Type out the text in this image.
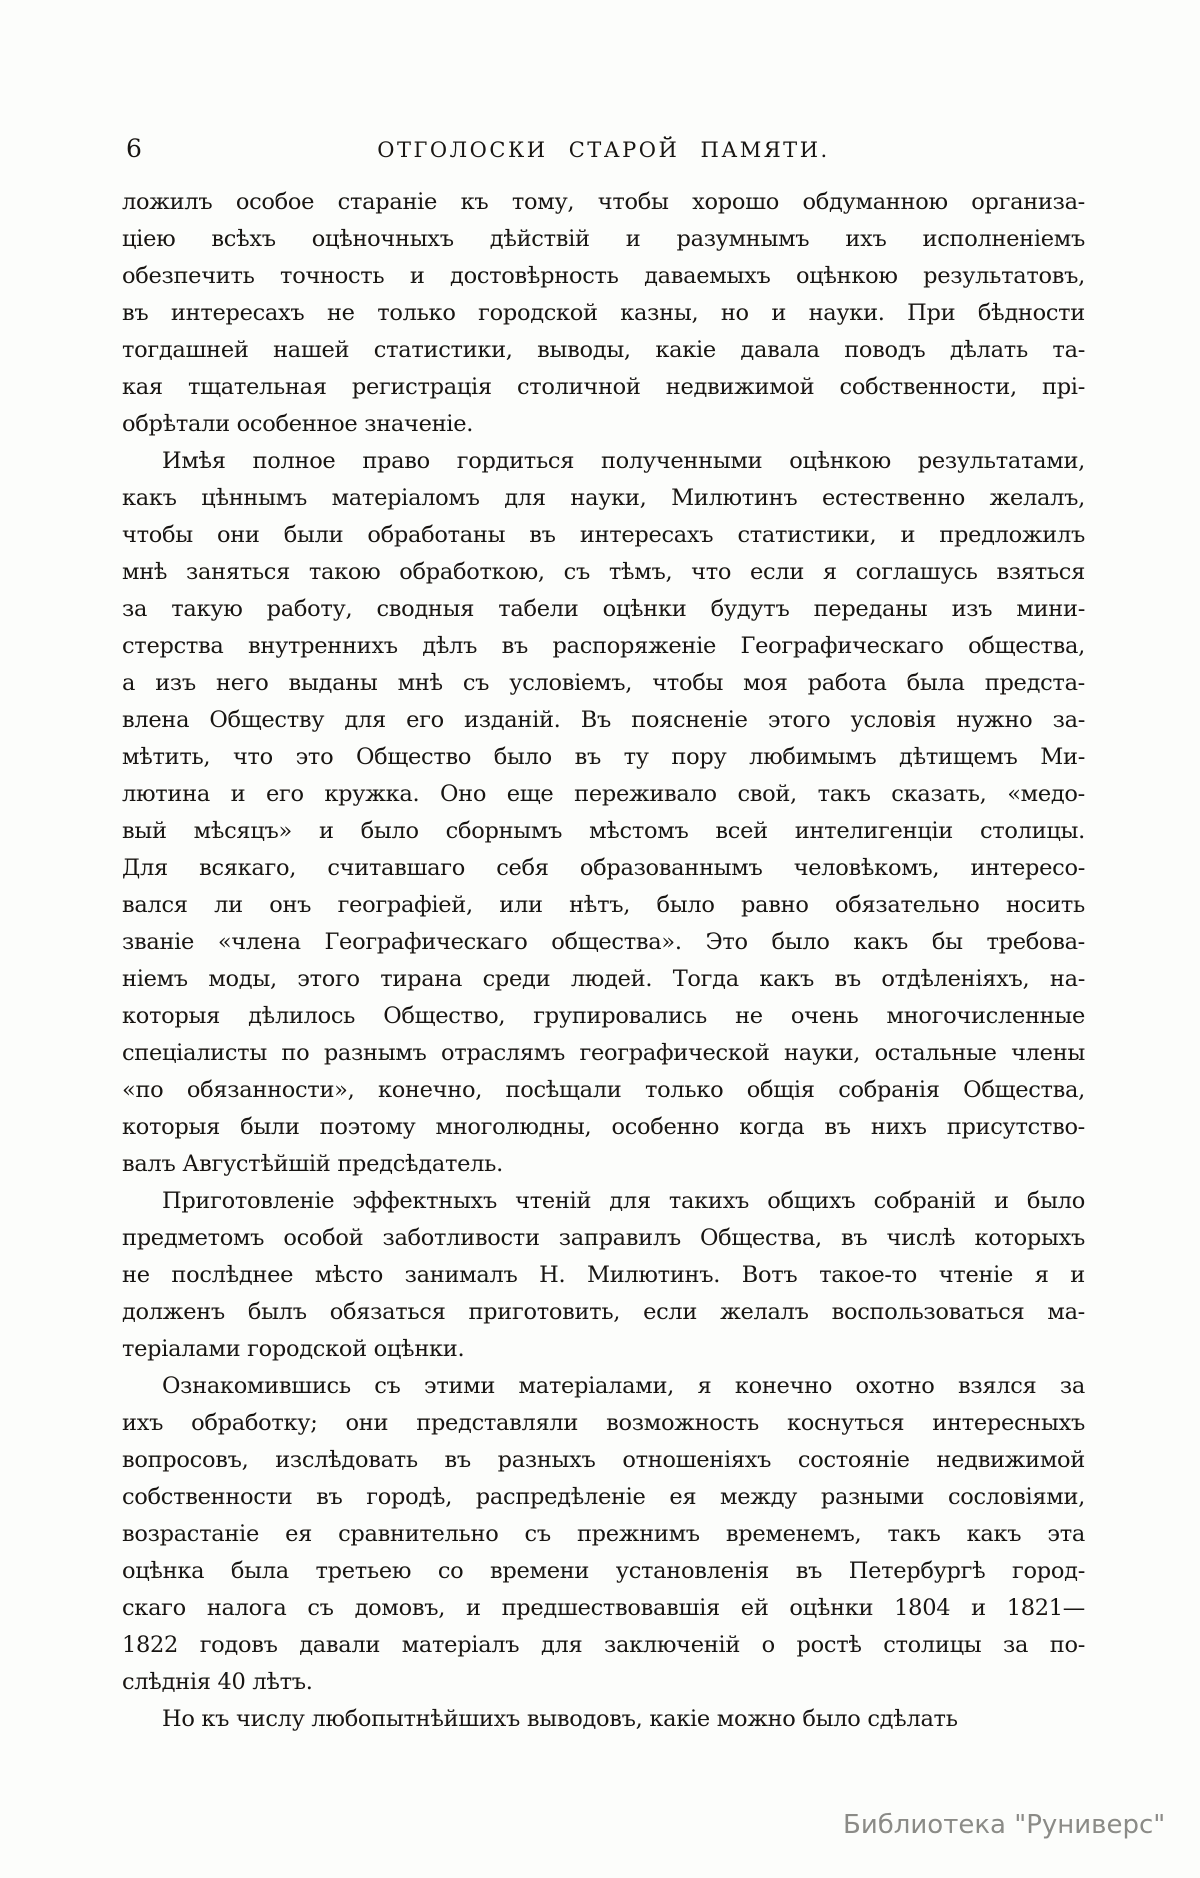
6	ОТГОЛОСКИ СТАРОЙ ПАМЯТИ.
ложилъ особое стараніе къ тому, чтобы хорошо обдуманною организа-
ціею всѣхъ оцѣночныхъ дѣйствій и разумнымъ ихъ исполненіемъ
обезпечить точность и достовѣрность даваемыхъ оцѣнкою результатовъ,
въ интересахъ не только городской казны, но и науки. При бѣдности
тогдашней нашей статистики, выводы, какіе давала поводъ дѣлать та-
кая тщательная регистрація столичной недвижимой собственности, прі-
обрѣтали особенное значеніе.
Имѣя полное право гордиться полученными оцѣнкою результатами,
какъ цѣннымъ матеріаломъ для науки, Милютинъ естественно желалъ,
чтобы они были обработаны въ интересахъ статистики, и предложилъ
мнѣ заняться такою обработкою, съ тѣмъ, что если я соглашусь взяться
за такую работу, сводныя табели оцѣнки будутъ переданы изъ мини-
стерства внутреннихъ дѣлъ въ распоряженіе Географическаго общества,
а изъ него выданы мнѣ съ условіемъ, чтобы моя работа была предста-
влена Обществу для его изданій. Въ поясненіе этого условія нужно за-
мѣтить, что это Общество было въ ту пору любимымъ дѣтищемъ Ми-
лютина и его кружка. Оно еще переживало свой, такъ сказать, «медо-
вый мѣсяцъ» и было сборнымъ мѣстомъ всей интелигенціи столицы.
Для всякаго, считавшаго себя образованнымъ человѣкомъ, интересо-
вался ли онъ географіей, или нѣтъ, было равно обязательно носить
званіе «члена Географическаго общества». Это было какъ бы требова-
ніемъ моды, этого тирана среди людей. Тогда какъ въ отдѣленіяхъ, на-
которыя дѣлилось Общество, групировались не очень многочисленные
спеціалисты по разнымъ отраслямъ географической науки, остальные члены
«по обязанности», конечно, посѣщали только общія собранія Общества,
которыя были поэтому многолюдны, особенно когда въ нихъ присутство-
валъ Августѣйшій предсѣдатель.
Приготовленіе эффектныхъ чтеній для такихъ общихъ собраній и было
предметомъ особой заботливости заправилъ Общества, въ числѣ которыхъ
не послѣднее мѣсто занималъ Н. Милютинъ. Вотъ такое-то чтеніе я и
долженъ былъ обязаться приготовить, если желалъ воспользоваться ма-
теріалами городской оцѣнки.
Ознакомившись съ этими матеріалами, я конечно охотно взялся за
ихъ обработку; они представляли возможность коснуться интересныхъ
вопросовъ, изслѣдовать въ разныхъ отношеніяхъ состояніе недвижимой
собственности въ городѣ, распредѣленіе ея между разными сословіями,
возрастаніе ея сравнительно съ прежнимъ временемъ, такъ какъ эта
оцѣнка была третьею со времени установленія въ Петербургѣ город-
скаго налога съ домовъ, и предшествовавшія ей оцѣнки 1804 и 1821—
1822 годовъ давали матеріалъ для заключеній о ростѣ столицы за по-
слѣднія 40 лѣтъ.
Но къ числу любопытнѣйшихъ выводовъ, какіе можно было сдѣлать
Библиотека "Руниверс"
